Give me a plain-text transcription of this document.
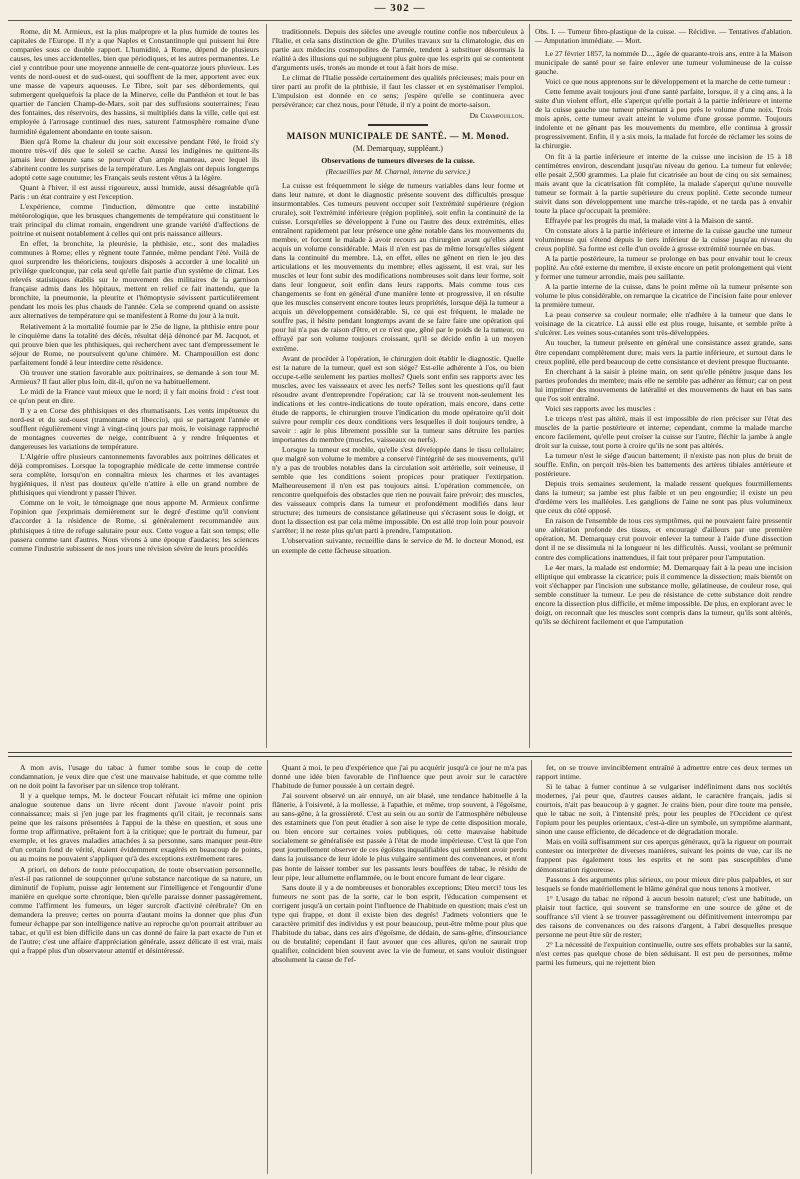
— 302 —

Rome, dit M. Armieux, est la plus malpropre et la plus humide de toutes les capitales de l'Europe. Il n'y a que Naples et Constantinople qui puissent lui être comparées sous ce double rapport. L'humidité, à Rome, dépend de plusieurs causes, les unes accidentelles, bien que périodiques, et les autres permanentes. Le ciel y contribue pour une moyenne annuelle de cent-quatorze jours pluvieux. Les vents de nord-ouest et de sud-ouest, qui soufflent de la mer, apportent avec eux une masse de vapeurs aqueuses. Le Tibre, soit par ses débordements, qui submergent quelquefois la place de la Minerve, celle du Panthéon et tout le bas quartier de l'ancien Champ-de-Mars, soit par des suffusions souterraines; l'eau des fontaines, des réservoirs, des bassins, si multipliés dans la ville, celle qui est employée à l'arrosage continuel des rues, saturent l'atmosphère romaine d'une humidité également abondante en toute saison.

Bien qu'à Rome la chaleur du jour soit excessive pendant l'été, le froid s'y montre très-vif dès que le soleil se cache. Aussi les indigènes ne quittent-ils jamais leur demeure sans se pourvoir d'un ample manteau, avec lequel ils s'abritent contre les surprises de la température. Les Anglais ont depuis longtemps adopté cette sage coutume; les Français seuls restent vêtus à la légère.

Quant à l'hiver, il est aussi rigoureux, aussi humide, aussi désagréable qu'à Paris : un état contraire y est l'exception.

L'expérience, comme l'induction, démontre que cette instabilité météorologique, que les brusques changements de température qui constituent le trait principal du climat romain, engendrent une grande variété d'affections de poitrine et nuisent notablement à celles qui ont pris naissance ailleurs.

En effet, la bronchite, la pleurésie, la phthisie, etc., sont des maladies communes à Rome; elles y règnent toute l'année, même pendant l'été. Voilà de quoi surprendre les théoriciens, toujours disposés à accorder à une localité un privilége quelconque, par cela seul qu'elle fait partie d'un système de climat. Les relevés statistiques établis sur le mouvement des militaires de la garnison française admis dans les hôpitaux, mettent en relief ce fait inattendu, que la bronchite, la pneumonie, la pleurite et l'hémoptysie sévissent particulièrement pendant les mois les plus chauds de l'année. Cela se comprend quand on assiste aux alternatives de température qui se manifestent à Rome du jour à la nuit.

Relativement à la mortalité fournie par le 25e de ligne, la phthisie entre pour le cinquième dans la totalité des décès, résultat déjà dénoncé par M. Jacquot, et qui prouve bien que les phthisiques, qui recherchent avec tant d'empressement le séjour de Rome, ne poursuivent qu'une chimère. M. Champouillon est donc parfaitement fondé à leur interdire cette résidence.

Où trouver une station favorable aux poitrinaires, se demande à son tour M. Armieux? Il faut aller plus loin, dit-il, qu'on ne va habituellement.

Le midi de la France vaut mieux que le nord; il y fait moins froid : c'est tout ce qu'on peut en dire.

Il y a en Corse des phthisiques et des rhumatisants. Les vents impétueux du nord-est et du sud-ouest (tramontane et libeccio), qui se partagent l'année et soufflent régulièrement vingt à vingt-cinq jours par mois, le voisinage rapproché de montagnes couvertes de neige, contribuent à y rendre fréquentes et dangereuses les variations de température.

L'Algérie offre plusieurs cantonnements favorables aux poitrines délicates et déjà compromises. Lorsque la topographie médicale de cette immense contrée sera complète, lorsqu'on en connaîtra mieux les charmes et les avantages hygiéniques, il n'est pas douteux qu'elle n'attire à elle un grand nombre de phthisiques qui viendront y passer l'hiver.

Comme on le voit, le témoignage que nous apporte M. Armieux confirme l'opinion que j'exprimais dernièrement sur le degré d'estime qu'il convient d'accorder à la résidence de Rome, si généralement recommandée aux phthisiques à titre de refuge salutaire pour eux. Cette vogue a fait son temps; elle passera comme tant d'autres. Nous vivons à une époque d'audaces; les sciences comme l'industrie subissent de nos jours une révision sévère de leurs procédés

traditionnels. Depuis des siècles une aveugle routine confie nos tuberculeux à l'Italie, et cela sans distinction de gîte. D'utiles travaux sur la climatologie, dus en partie aux médecins cosmopolites de l'armée, tendent à substituer désormais la réalité à des illusions qui ne subjuguent plus guère que les esprits qui se contentent d'arguments usés, tronés au monde et tout à fait hors de mise.

Le climat de l'Italie possède certainement des qualités précieuses; mais pour en tirer parti au profit de la phthisie, il faut les classer et en systématiser l'emploi. L'impulsion est donnée en ce sens; j'espère qu'elle se continuera avec persévérance; car chez nous, pour l'étude, il n'y a point de morte-saison.

Dr Champouillon.
MAISON MUNICIPALE DE SANTÉ. — M. Monod.
(M. Demarquay, suppléant.)
Observations de tumeurs diverses de la cuisse.
(Recueillies par M. Charnal, interne du service.)

La cuisse est fréquemment le siége de tumeurs variables dans leur forme et dans leur nature, et dont le diagnostic présente souvent des difficultés presque insurmontables. Ces tumeurs peuvent occuper soit l'extrémité supérieure (région crurale), soit l'extrémité inférieure (région poplitée), soit enfin la continuité de la cuisse. Lorsqu'elles se développent à l'une ou l'autre des deux extrémités, elles entraînent rapidement par leur présence une gêne notable dans les mouvements du membre, et forcent le malade à avoir recours au chirurgien avant qu'elles aient acquis un volume considérable. Mais il n'en est pas de même lorsqu'elles siégent dans la continuité du membre. Là, en effet, elles ne gênent en rien le jeu des articulations et les mouvements du membre; elles agissent, il est vrai, sur les muscles et leur font subir des modifications nombreuses soit dans leur forme, soit dans leur longueur, soit enfin dans leurs rapports. Mais comme tous ces changements se font en général d'une manière lente et progressive, il en résulte que les muscles conservent encore toutes leurs propriétés, lorsque déjà la tumeur a acquis un développement considérable. Si, ce qui est fréquent, le malade ne souffre pas, il hésite pendant longtemps avant de se faire faire une opération qui pour lui n'a pas de raison d'être, et ce n'est que, gêné par le poids de la tumeur, ou effrayé par son volume toujours croissant, qu'il se décide enfin à un moyen extrême.

Avant de procéder à l'opération, le chirurgien doit établir le diagnostic. Quelle est la nature de la tumeur, quel est son siége? Est-elle adhérente à l'os, ou bien occupe-t-elle seulement les parties molles? Quels sont enfin ses rapports avec les muscles, avec les vaisseaux et avec les nerfs? Telles sont les questions qu'il faut résoudre avant d'entreprendre l'opération; car là se trouvent non-seulement les indications et les contre-indications de toute opération, mais encore, dans cette étude de rapports, le chirurgien trouve l'indication du mode opératoire qu'il doit suivre pour remplir ces deux conditions vers lesquelles il doit toujours tendre, à savoir : agir le plus librement possible sur la tumeur sans détruire les parties importantes du membre (muscles, vaisseaux ou nerfs).

Lorsque la tumeur est mobile, qu'elle s'est développée dans le tissu cellulaire; que malgré son volume le membre a conservé l'intégrité de ses mouvements, qu'il n'y a pas de troubles notables dans la circulation soit artérielle, soit veineuse, il semble que les conditions soient propices pour pratiquer l'extirpation. Malheureusement il n'en est pas toujours ainsi. L'opération commencée, on rencontre quelquefois des obstacles que rien ne pouvait faire prévoir; des muscles, des vaisseaux compris dans la tumeur et profondément modifiés dans leur structure; des tumeurs de consistance gélatineuse qui s'écrasent sous le doigt, et dont la dissection est par cela même impossible. On est allé trop loin pour pouvoir s'arrêter; il ne reste plus qu'un parti à prendre, l'amputation.

L'observation suivante, recueillie dans le service de M. le docteur Monod, est un exemple de cette fâcheuse situation.

Obs. I. — Tumeur fibro-plastique de la cuisse. — Récidive. — Tentatives d'ablation. — Amputation immédiate. — Mort.

Le 27 février 1857, la nommée D..., âgée de quarante-trois ans, entre à la Maison municipale de santé pour se faire enlever une tumeur volumineuse de la cuisse gauche.

Voici ce que nous apprenons sur le développement et la marche de cette tumeur :

Cette femme avait toujours joui d'une santé parfaite, lorsque, il y a cinq ans, à la suite d'un violent effort, elle s'aperçut qu'elle portait à la partie inférieure et interne de la cuisse gauche une tumeur présentant à peu près le volume d'une noix. Trois mois après, cette tumeur avait atteint le volume d'une grosse pomme. Toujours indolente et ne gênant pas les mouvements du membre, elle continua à grossir progressivement. Enfin, il y a six mois, la malade fut forcée de réclamer les soins de la chirurgie.

On fit à la partie inférieure et interne de la cuisse une incision de 15 à 18 centimètres environ, descendant jusqu'au niveau du genou. La tumeur fut enlevée; elle pesait 2,500 grammes. La plaie fut cicatrisée au bout de cinq ou six semaines; mais avant que la cicatrisation fût complète, la malade s'aperçut qu'une nouvelle tumeur se formait à la partie supérieure du creux poplité. Cette seconde tumeur suivit dans son développement une marche très-rapide, et ne tarda pas à envahir toute la place qu'occupait la première.

Effrayée par les progrès du mal, la malade vint à la Maison de santé.

On constate alors à la partie inférieure et interne de la cuisse gauche une tumeur volumineuse qui s'étend depuis le tiers inférieur de la cuisse jusqu'au niveau du creux poplité. Sa forme est celle d'un ovoïde à grosse extrémité tournée en bas.

A la partie postérieure, la tumeur se prolonge en bas pour envahir tout le creux poplité. Au côté externe du membre, il existe encore un petit prolongement qui vient y former une tumeur arrondie, mais peu saillante.

A la partie interne de la cuisse, dans le point même où la tumeur présente son volume le plus considérable, on remarque la cicatrice de l'incision faite pour enlever la première tumeur.

La peau conserve sa couleur normale; elle n'adhère à la tumeur que dans le voisinage de la cicatrice. Là aussi elle est plus rouge, luisante, et semble prête à s'ulcérer. Les veines sous-cutanées sont très-développées.

Au toucher, la tumeur présente en général une consistance assez grande, sans être cependant complètement dure; mais vers la partie inférieure, et surtout dans le creux poplité, elle perd beaucoup de cette consistance et devient presque fluctuante.

En cherchant à la saisir à pleine main, on sent qu'elle pénètre jusque dans les parties profondes du membre; mais elle ne semble pas adhérer au fémur; car on peut lui imprimer des mouvements de latéralité et des mouvements de haut en bas sans que l'os soit entraîné.

Voici ses rapports avec les muscles :

Le triceps n'est pas altéré, mais il est impossible de rien préciser sur l'état des muscles de la partie postérieure et interne; cependant, comme la malade marche encore facilement, qu'elle peut croiser la cuisse sur l'autre, fléchir la jambe à angle droit sur la cuisse, tout porte à croire qu'ils ne sont pas altérés.

La tumeur n'est le siége d'aucun battement; il n'existe pas non plus de bruit de souffle. Enfin, on perçoit très-bien les battements des artères tibiales antérieure et postérieure.

Depuis trois semaines seulement, la malade ressent quelques fourmillements dans la tumeur; sa jambe est plus faible et un peu engourdie; il existe un peu d'œdème vers les malléoles. Les ganglions de l'aine ne sont pas plus volumineux que ceux du côté opposé.

En raison de l'ensemble de tous ces symptômes, qui ne pouvaient faire pressentir une altération profonde des tissus, et encouragé d'ailleurs par une première opération, M. Demarquay crut pouvoir enlever la tumeur à l'aide d'une dissection dont il ne se dissimula ni la longueur ni les difficultés. Aussi, voulant se prémunir contre des complications inattendues, il fait tout préparer pour l'amputation.

Le 4er mars, la malade est endormie; M. Demarquay fait à la peau une incision elliptique qui embrasse la cicatrice; puis il commence la dissection; mais bientôt on voit s'échapper par l'incision une substance molle, gélatineuse, de couleur rose, qui semble constituer la tumeur. Le peu de résistance de cette substance doit rendre encore la dissection plus difficile, et même impossible. De plus, en explorant avec le doigt, on reconnaît que les muscles sont compris dans la tumeur, qu'ils sont altérés, qu'ils se déchirent facilement et que l'amputation

A mon avis, l'usage du tabac à fumer tombe sous le coup de cette condamnation, je veux dire que c'est une mauvaise habitude, et que comme telle on ne doit point la favoriser par un silence trop tolérant.

Il y a quelque temps, M. le docteur Foucart réfutait ici même une opinion analogue soutenue dans un livre récent dont j'avoue n'avoir point pris connaissance; mais si j'en juge par les fragments qu'il citait, je reconnais sans peine que les raisons présentées à l'appui de la thèse en question, et sous une forme trop affirmative, prêtaient fort à la critique; que le portrait du fumeur, par exemple, et les graves maladies attachées à sa personne, sans manquer peut-être d'un certain fond de vérité, étaient évidemment exagérés en beaucoup de points, ou au moins ne pouvaient s'appliquer qu'à des exceptions extrêmement rares.

A priori, en dehors de toute préoccupation, de toute observation personnelle, n'est-il pas rationnel de soupçonner qu'une substance narcotique de sa nature, un diminutif de l'opium, puisse agir lentement sur l'intelligence et l'engourdir d'une manière en quelque sorte chronique, bien qu'elle paraisse donner passagèrement, comme l'affirment les fumeurs, un léger surcroît d'activité cérébrale? On en demandera la preuve; certes on pourra d'autant moins la donner que plus d'un fumeur échappe par son intelligence native au reproche qu'on pourrait attribuer au tabac, et qu'il est bien difficile dans un cas donné de faire la part exacte de l'un et de l'autre; c'est une affaire d'appréciation générale, assez délicate il est vrai, mais qui a frappé plus d'un observateur attentif et désintéressé.

Quant à moi, le peu d'expérience que j'ai pu acquérir jusqu'à ce jour ne m'a pas donné une idée bien favorable de l'influence que peut avoir sur le caractère l'habitude de fumer poussée à un certain degré.

J'ai souvent observé un air ennuyé, un air blasé, une tendance habituelle à la flânerie, à l'oisiveté, à la mollesse, à l'apathie, et même, trop souvent, à l'égoïsme, au sans-gêne, à la grossièreté. C'est au sein ou au sortir de l'atmosphère nébuleuse des estaminets que l'on peut étudier à son aise le type de cette disposition morale, ou bien encore sur certaines voies publiques, où cette mauvaise habitude socialement se généralisée est passée à l'état de mode impérieuse. C'est là que l'on peut journellement observer de ces égoïstes inqualifiables qui semblent avoir perdu dans la jouissance de leur idole le plus vulgaire sentiment des convenances, et n'ont pas honte de laisser tomber sur les passants leurs bouffées de tabac, le résidu de leur pipe, leur allumette enflammée, ou le bout encore fumant de leur cigare.

Sans doute il y a de nombreuses et honorables exceptions; Dieu merci! tous les fumeurs ne sont pas de la sorte, car le bon esprit, l'éducation compensent et corrigent jusqu'à un certain point l'influence de l'habitude en question; mais c'est un type qui frappe, et dont il existe bien des degrés! J'admets volontiers que le caractère primitif des individus y est pour beaucoup, peut-être même pour plus que l'habitude du tabac, dans ces airs d'égoïsme, de dédain, de sans-gêne, d'insouciance ou de brutalité; cependant il faut avouer que ces allures, qu'on ne saurait trop qualifier, coïncident bien souvent avec la vie de fumeur, et sans vouloir distinguer absolument la cause de l'ef-

fet, on se trouve invinciblement entraîné à admettre entre ces deux termes un rapport intime.

Si le tabac à fumer continue à se vulgariser indéfiniment dans nos sociétés modernes, j'ai peur que, d'autres causes aidant, le caractère français, jadis si courtois, n'ait pas beaucoup à y gagner. Je crains bien, pour dire toute ma pensée, que le tabac ne soit, à l'intensité près, pour les peuples de l'Occident ce qu'est l'opium pour les peuples orientaux, c'est-à-dire un symbole, un symptôme alarmant, sinon une cause efficiente, de décadence et de dégradation morale.

Mais en voilà suffisamment sur ces aperçus généraux, qu'à la rigueur on pourrait contester ou interpréter de diverses manières, suivant les points de vue, car ils ne frappent pas également tous les esprits et ne sont pas susceptibles d'une démonstration rigoureuse.

Passons à des arguments plus sérieux, ou pour mieux dire plus palpables, et sur lesquels se fonde matériellement le blâme général que nous tenons à motiver.

1° L'usage du tabac ne répond à aucun besoin naturel; c'est une habitude, un plaisir tout factice, qui souvent se transforme en une source de gêne et de souffrance s'il vient à se trouver passagèrement ou définitivement interrompu par des raisons de convenances ou des raisons d'argent, à l'abri desquelles presque personne ne peut être sûr de rester;

2° La nécessité de l'expuition continuelle, outre ses effets probables sur la santé, n'est certes pas quelque chose de bien séduisant. Il est peu de personnes, même parmi les fumeurs, qui ne rejettent bien
